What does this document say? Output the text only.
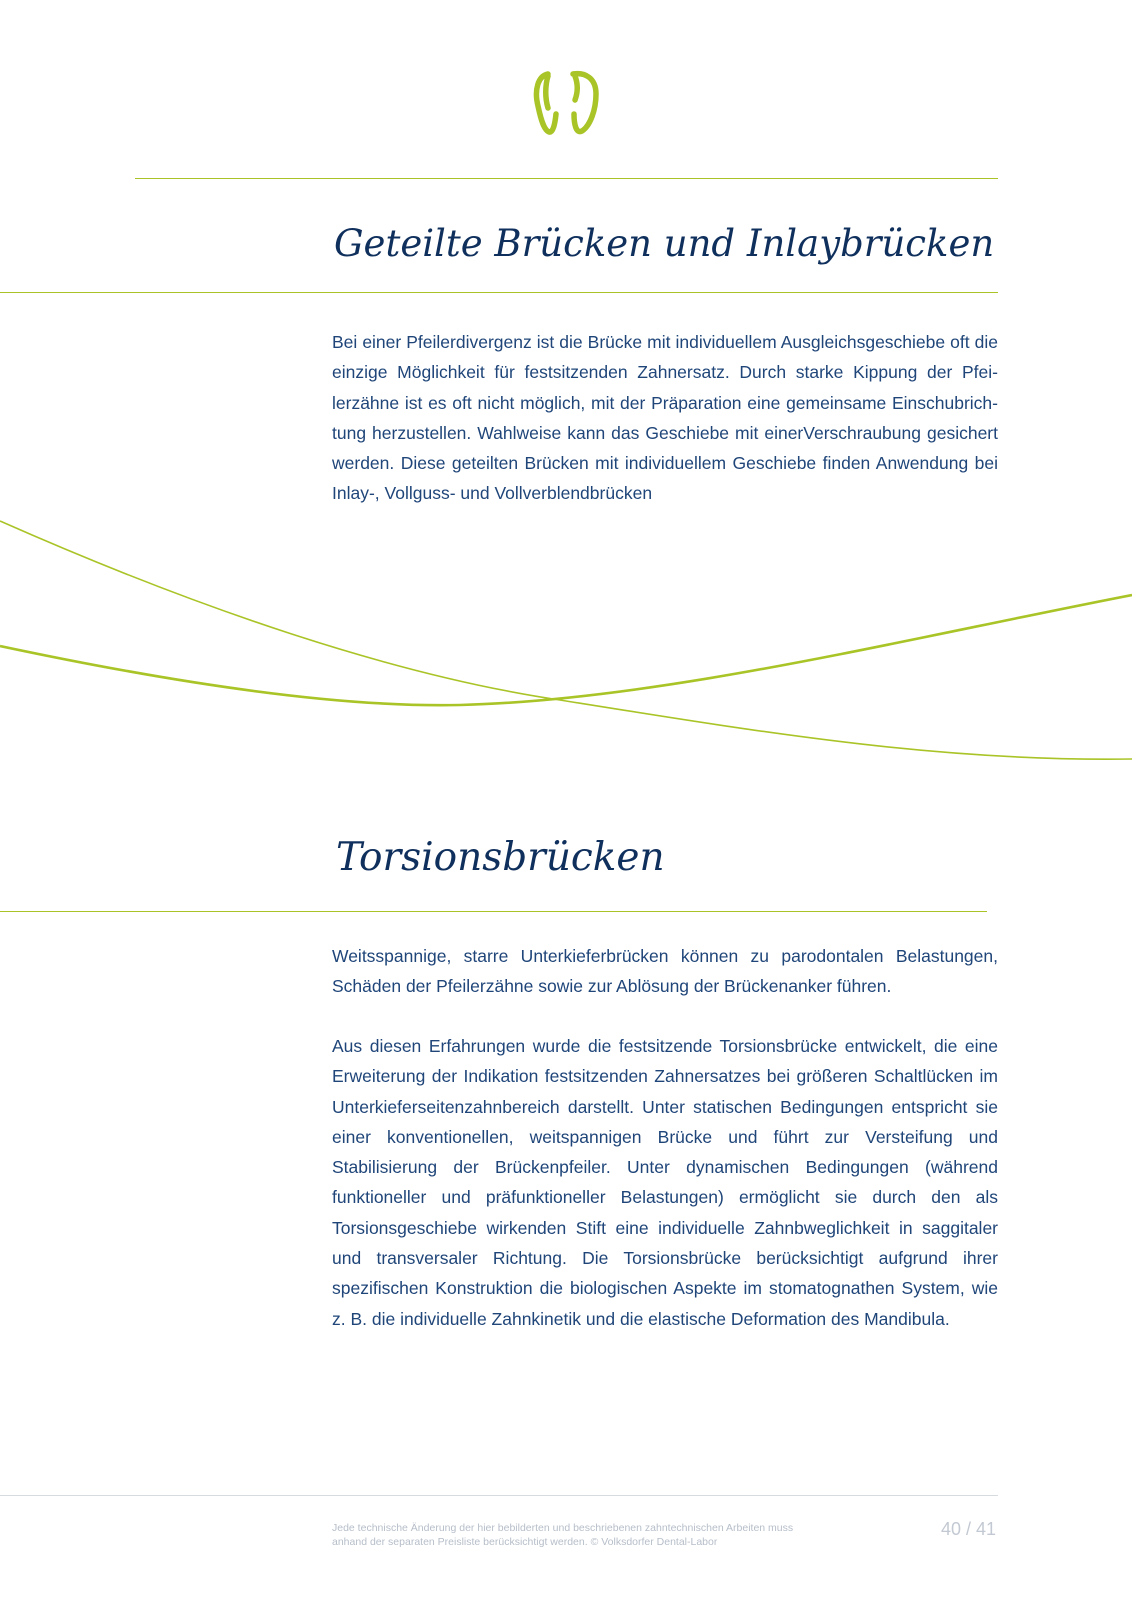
Geteilte Brücken und Inlaybrücken

Bei einer Pfeilerdivergenz ist die Brücke mit individuellem Ausgleichsgeschiebe oft die einzige Möglichkeit für festsitzenden Zahnersatz. Durch starke Kippung der Pfeilerzähne ist es oft nicht möglich, mit der Präparation eine gemeinsame Einschubrichtung herzustellen. Wahlweise kann das Geschiebe mit einerVerschraubung gesichert werden. Diese geteilten Brücken mit individuellem Geschiebe finden Anwendung bei Inlay-, Vollguss- und Vollverblendbrücken

Torsionsbrücken

Weitsspannige, starre Unterkieferbrücken können zu parodontalen Belastungen, Schäden der Pfeilerzähne sowie zur Ablösung der Brückenanker führen.

Aus diesen Erfahrungen wurde die festsitzende Torsionsbrücke entwickelt, die eine Erweiterung der Indikation festsitzenden Zahnersatzes bei größeren Schaltlücken im Unterkieferseitenzahnbereich darstellt. Unter statischen Bedingungen entspricht sie einer konventionellen, weitspannigen Brücke und führt zur Versteifung und Stabilisierung der Brückenpfeiler. Unter dynamischen Bedingungen (während funktioneller und präfunktioneller Belastungen) ermöglicht sie durch den als Torsionsgeschiebe wirkenden Stift eine individuelle Zahnbweglichkeit in saggitaler und transversaler Richtung. Die Torsionsbrücke berücksichtigt aufgrund ihrer spezifischen Konstruktion die biologischen Aspekte im stomatognathen System, wie z. B. die individuelle Zahnkinetik und die elastische Deformation des Mandibula.

Jede technische Änderung der hier bebilderten und beschriebenen zahntechnischen Arbeiten muss
anhand der separaten Preisliste berücksichtigt werden. © Volksdorfer Dental-Labor

40 / 41
